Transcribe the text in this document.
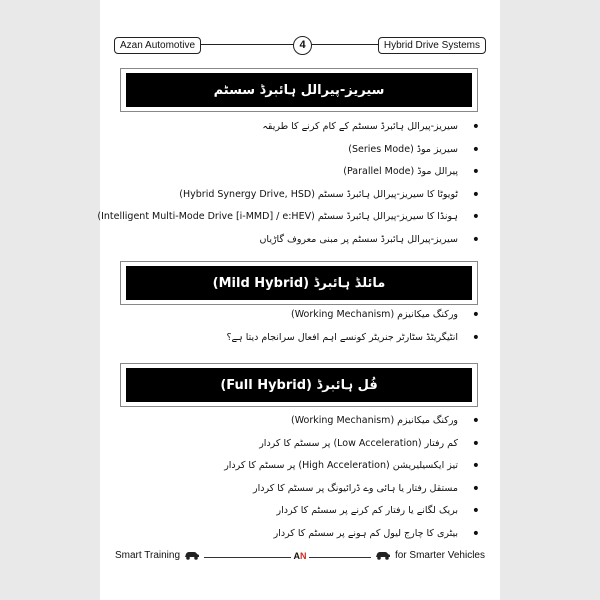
Azan Automotive	4	Hybrid Drive Systems
سیریز-پیرالل ہائبرڈ سسٹم
• سیریز-پیرالل ہائبرڈ سسٹم کے کام کرنے کا طریقہ
• سیریز موڈ (Series Mode)
• پیرالل موڈ (Parallel Mode)
• ٹویوٹا کا سیریز-پیرالل ہائبرڈ سسٹم (Hybrid Synergy Drive, HSD)
• ہونڈا کا سیریز-پیرالل ہائبرڈ سسٹم (Intelligent Multi-Mode Drive [i-MMD] / e:HEV)
• سیریز-پیرالل ہائبرڈ سسٹم پر مبنی معروف گاڑیاں
مائلڈ ہائبرڈ (Mild Hybrid)
• ورکنگ میکانیزم (Working Mechanism)
• انٹیگریٹڈ سٹارٹر جنریٹر کونسے اہم افعال سرانجام دیتا ہے؟
فُل ہائبرڈ (Full Hybrid)
• ورکنگ میکانیزم (Working Mechanism)
• کم رفتار (Low Acceleration) پر سسٹم کا کردار
• تیز ایکسیلیریشن (High Acceleration) پر سسٹم کا کردار
• مستقل رفتار یا ہائی وے ڈرائیونگ پر سسٹم کا کردار
• بریک لگانے یا رفتار کم کرنے پر سسٹم کا کردار
• بیٹری کا چارج لیول کم ہونے پر سسٹم کا کردار
Smart Training	AN	for Smarter Vehicles
